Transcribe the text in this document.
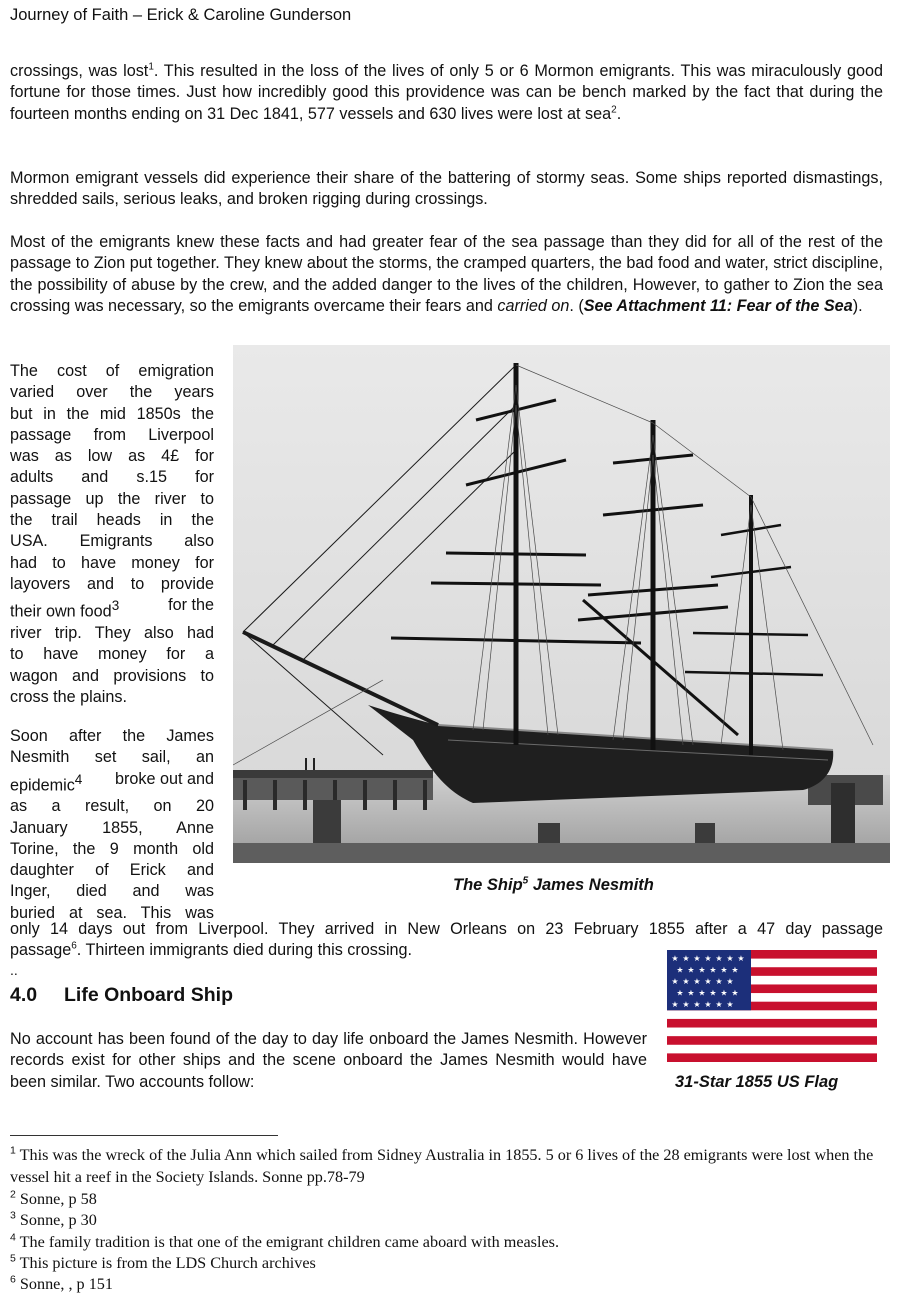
Journey of Faith – Erick & Caroline Gunderson

crossings, was lost$^1$. This resulted in the loss of the lives of only 5 or 6 Mormon emigrants. This was miraculously good fortune for those times. Just how incredibly good this providence was can be bench marked by the fact that during the fourteen months ending on 31 Dec 1841, 577 vessels and 630 lives were lost at sea$^2$.

Mormon emigrant vessels did experience their share of the battering of stormy seas. Some ships reported dismastings, shredded sails, serious leaks, and broken rigging during crossings.

Most of the emigrants knew these facts and had greater fear of the sea passage than they did for all of the rest of the passage to Zion put together. They knew about the storms, the cramped quarters, the bad food and water, strict discipline, the possibility of abuse by the crew, and the added danger to the lives of the children, However, to gather to Zion the sea crossing was necessary, so the emigrants overcame their fears and carried on. (See Attachment 11: Fear of the Sea).

The cost of emigration
varied over the years
but in the mid 1850s the
passage from Liverpool
was as low as 4£ for
adults and s.15 for
passage up the river to
the trail heads in the
USA. Emigrants also
had to have money for
layovers and to provide
their own food$^3$	for the
river trip. They also had
to have money for a
wagon and provisions to
cross the plains.
Soon after the James
Nesmith set sail, an
epidemic$^4$ broke out and
as a result, on 20
January 1855, Anne
Torine, the 9 month old
daughter of Erick and
Inger, died and was
buried at sea. This was
The Ship$^5$ James Nesmith

only 14 days out from Liverpool. They arrived in New Orleans on 23 February 1855 after a 47 day passage

passage$^6$. Thirteen immigrants died during this crossing.

..
★ ★ ★ ★ ★ ★ ★
★ ★ ★ ★ ★ ★
★ ★ ★ ★ ★ ★
★ ★ ★ ★ ★ ★
★ ★ ★ ★ ★ ★
31-Star 1855 US Flag
4.0 Life Onboard Ship

No account has been found of the day to day life onboard the James Nesmith. However records exist for other ships and the scene onboard the James Nesmith would have been similar. Two accounts follow:

$^1$ This was the wreck of the Julia Ann which sailed from Sidney Australia in 1855. 5 or 6 lives of the 28 emigrants were lost when the vessel hit a reef in the Society Islands. Sonne pp.78-79

$^2$ Sonne, p 58

$^3$ Sonne, p 30

$^4$ The family tradition is that one of the emigrant children came aboard with measles.

$^5$ This picture is from the LDS Church archives

$^6$ Sonne, , p 151
